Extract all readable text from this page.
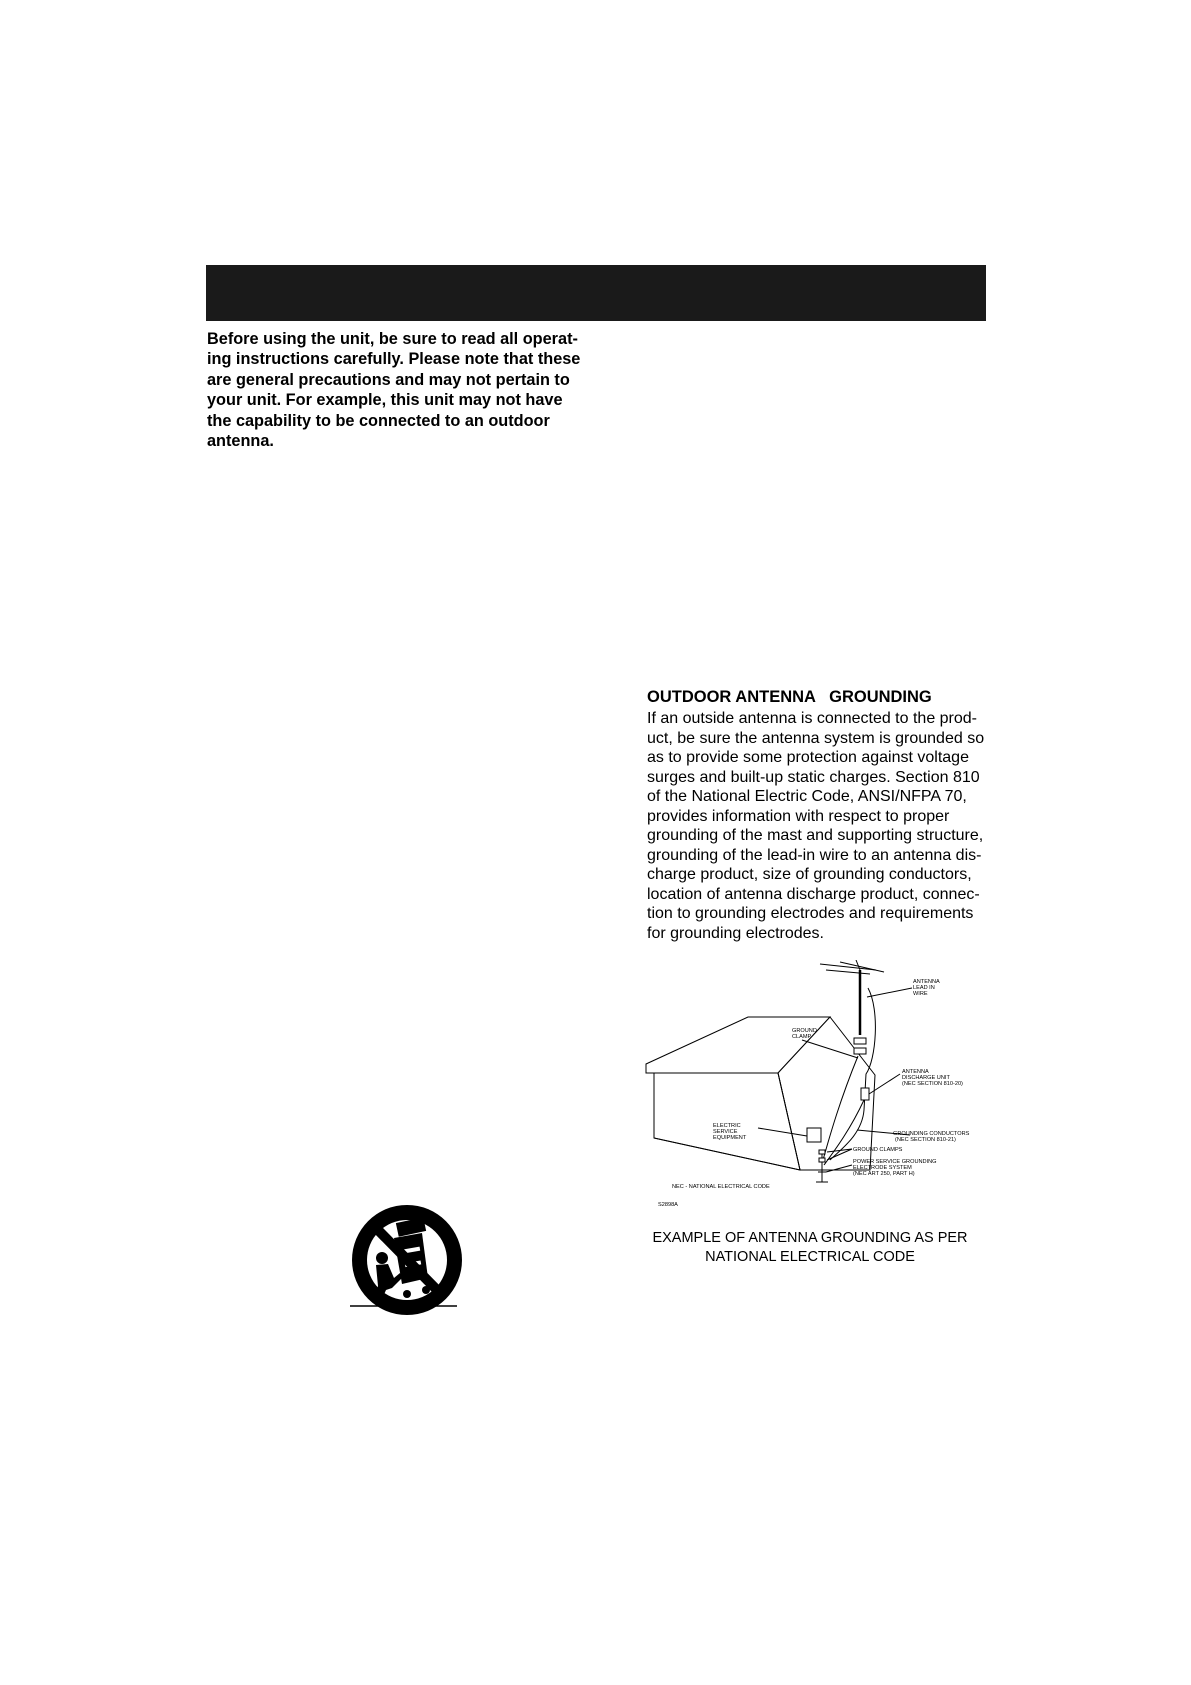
Before using the unit, be sure to read all operat-
ing instructions carefully. Please note that these
are general precautions and may not pertain to
your unit. For example, this unit may not have
the capability to be connected to an outdoor
antenna.
OUTDOOR ANTENNA   GROUNDING
If an outside antenna is connected to the prod-
uct, be sure the antenna system is grounded so
as to provide some protection against voltage
surges and built-up static charges. Section 810
of the National Electric Code, ANSI/NFPA 70,
provides information with respect to proper
grounding of the mast and supporting structure,
grounding of the lead-in wire to an antenna dis-
charge product, size of grounding conductors,
location of antenna discharge product, connec-
tion to grounding electrodes and requirements
for grounding electrodes.
ANTENNA
LEAD IN
WIRE
GROUND
CLAMP
ANTENNA
DISCHARGE UNIT
(NEC SECTION 810-20)
ELECTRIC
SERVICE
EQUIPMENT
GROUNDING CONDUCTORS
(NEC SECTION 810-21)
GROUND CLAMPS
POWER SERVICE GROUNDING
ELECTRODE SYSTEM
(NEC ART 250, PART H)
NEC - NATIONAL ELECTRICAL CODE
S2898A
EXAMPLE OF ANTENNA GROUNDING AS PER
NATIONAL ELECTRICAL CODE
